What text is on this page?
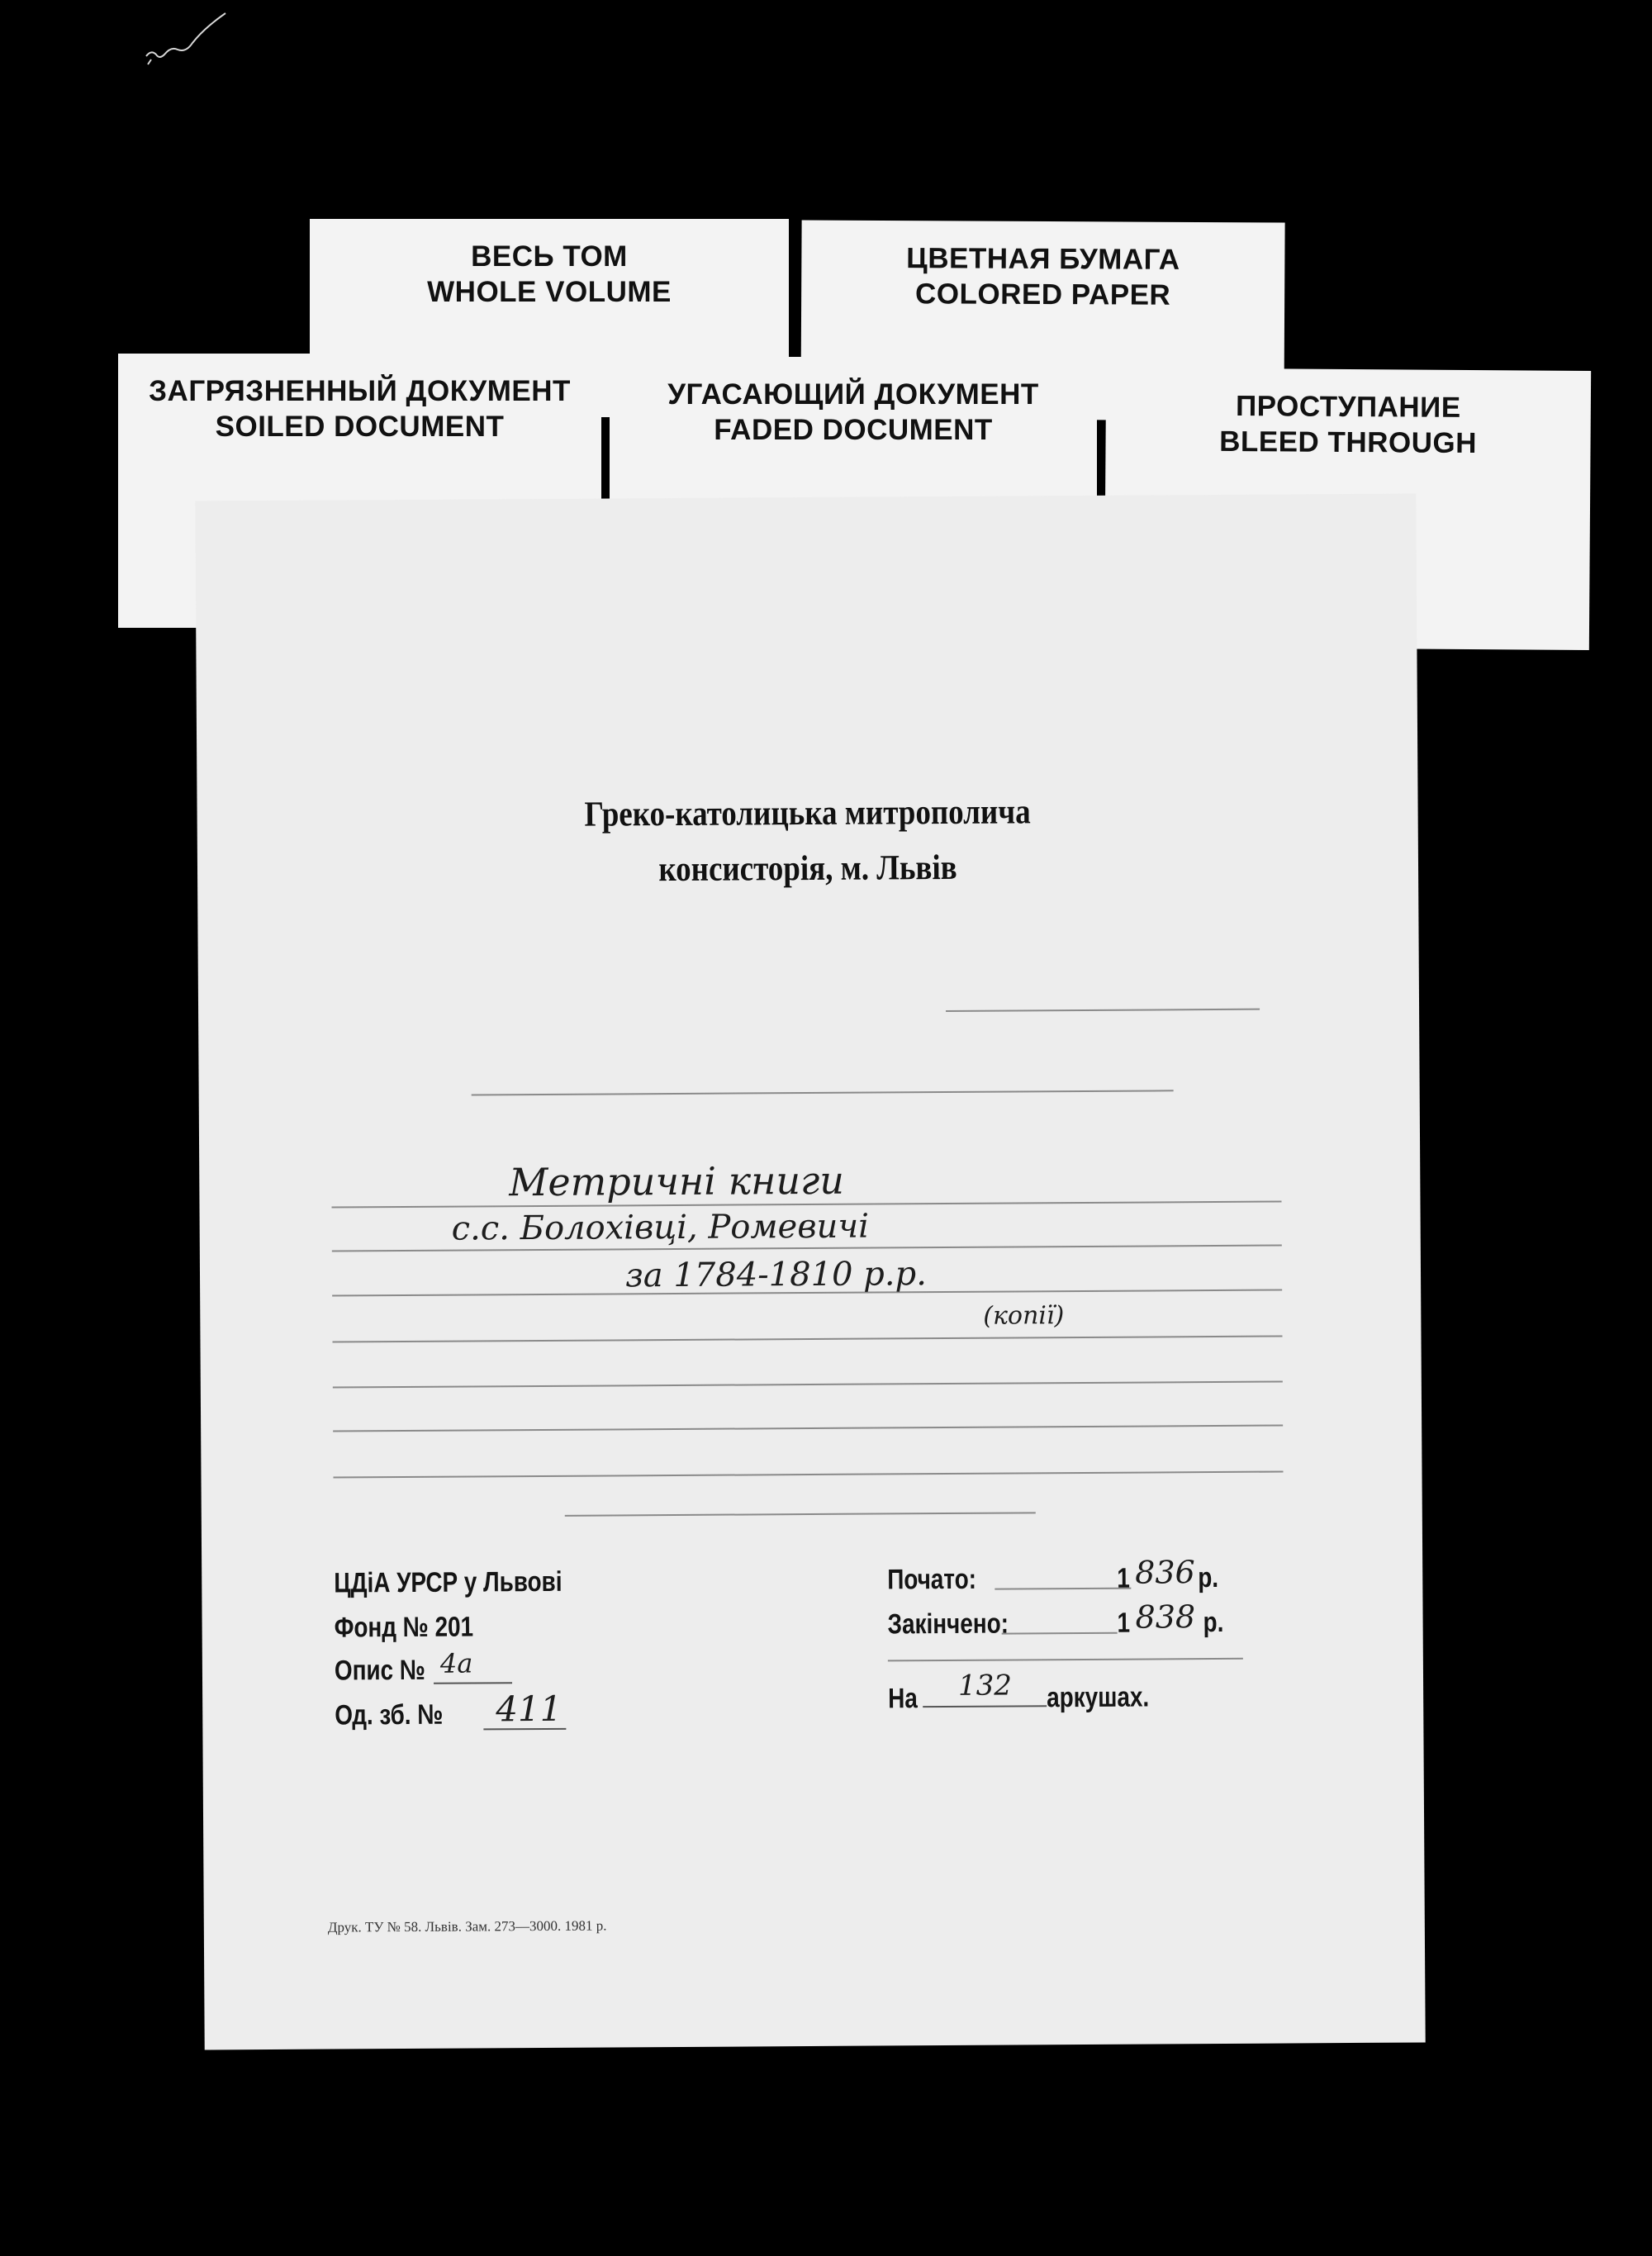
ВЕСЬ ТОМ
WHOLE VOLUME
ЦВЕТНАЯ БУМАГА
COLORED PAPER
ЗАГРЯЗНЕННЫЙ ДОКУМЕНТ
SOILED DOCUMENT
УГАСАЮЩИЙ ДОКУМЕНТ
FADED DOCUMENT
ПРОСТУПАНИЕ
BLEED THROUGH
Греко-католицька митрополича
консисторія, м. Львів
Метричні книги
с.с. Болохівці, Ромевичі
за 1784-1810 р.р.
(копії)
ЦДіА УРСР у Львові
Фонд № 201
Опис № 4а
Од. зб. № 411
Почато:	1 836 р.
Закінчено:	1 838 р.
На 132 аркушах.
Друк. ТУ № 58. Львів. Зам. 273—3000. 1981 р.
